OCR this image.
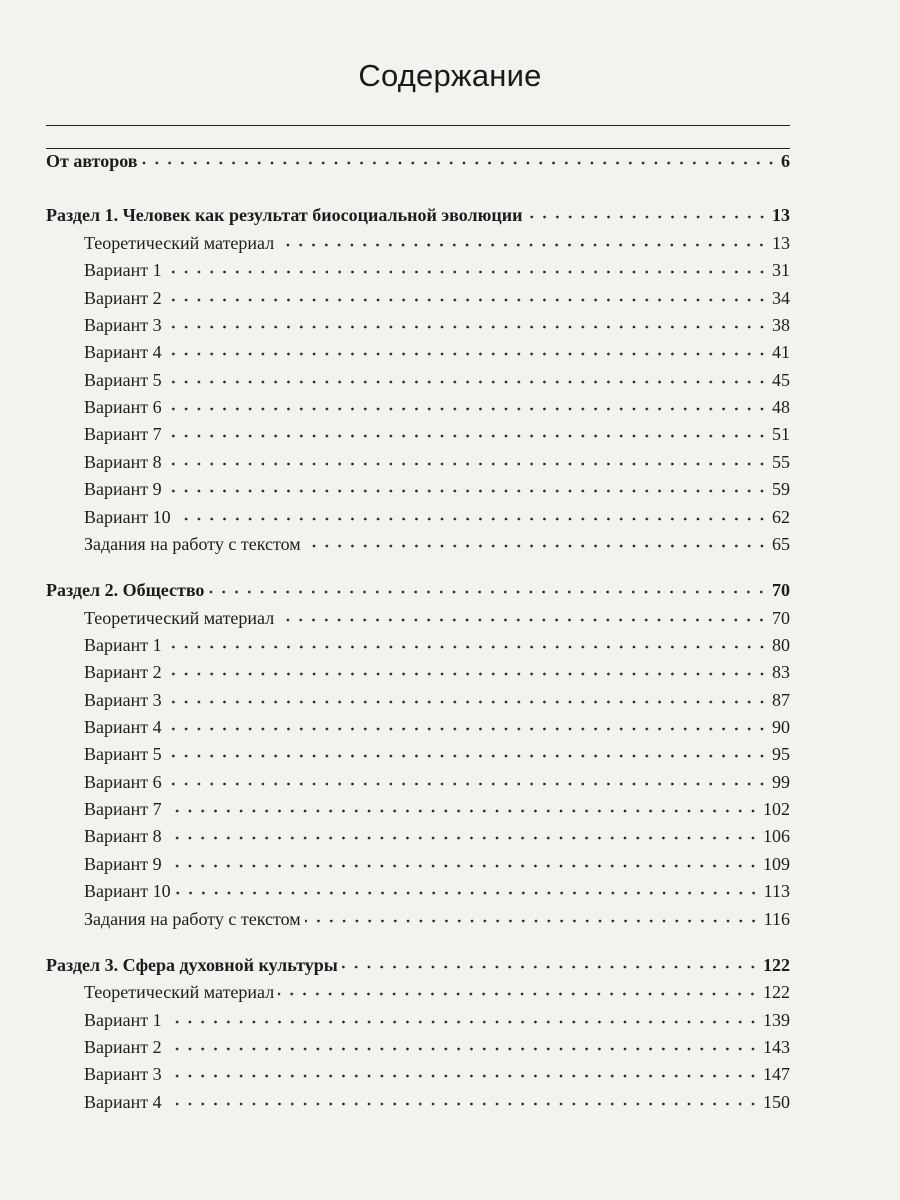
Содержание
От авторов	6
Раздел 1. Человек как результат биосоциальной эволюции	13
Теоретический материал	13
Вариант 1	31
Вариант 2	34
Вариант 3	38
Вариант 4	41
Вариант 5	45
Вариант 6	48
Вариант 7	51
Вариант 8	55
Вариант 9	59
Вариант 10	62
Задания на работу с текстом	65
Раздел 2. Общество	70
Теоретический материал	70
Вариант 1	80
Вариант 2	83
Вариант 3	87
Вариант 4	90
Вариант 5	95
Вариант 6	99
Вариант 7	102
Вариант 8	106
Вариант 9	109
Вариант 10	113
Задания на работу с текстом	116
Раздел 3. Сфера духовной культуры	122
Теоретический материал	122
Вариант 1	139
Вариант 2	143
Вариант 3	147
Вариант 4	150
